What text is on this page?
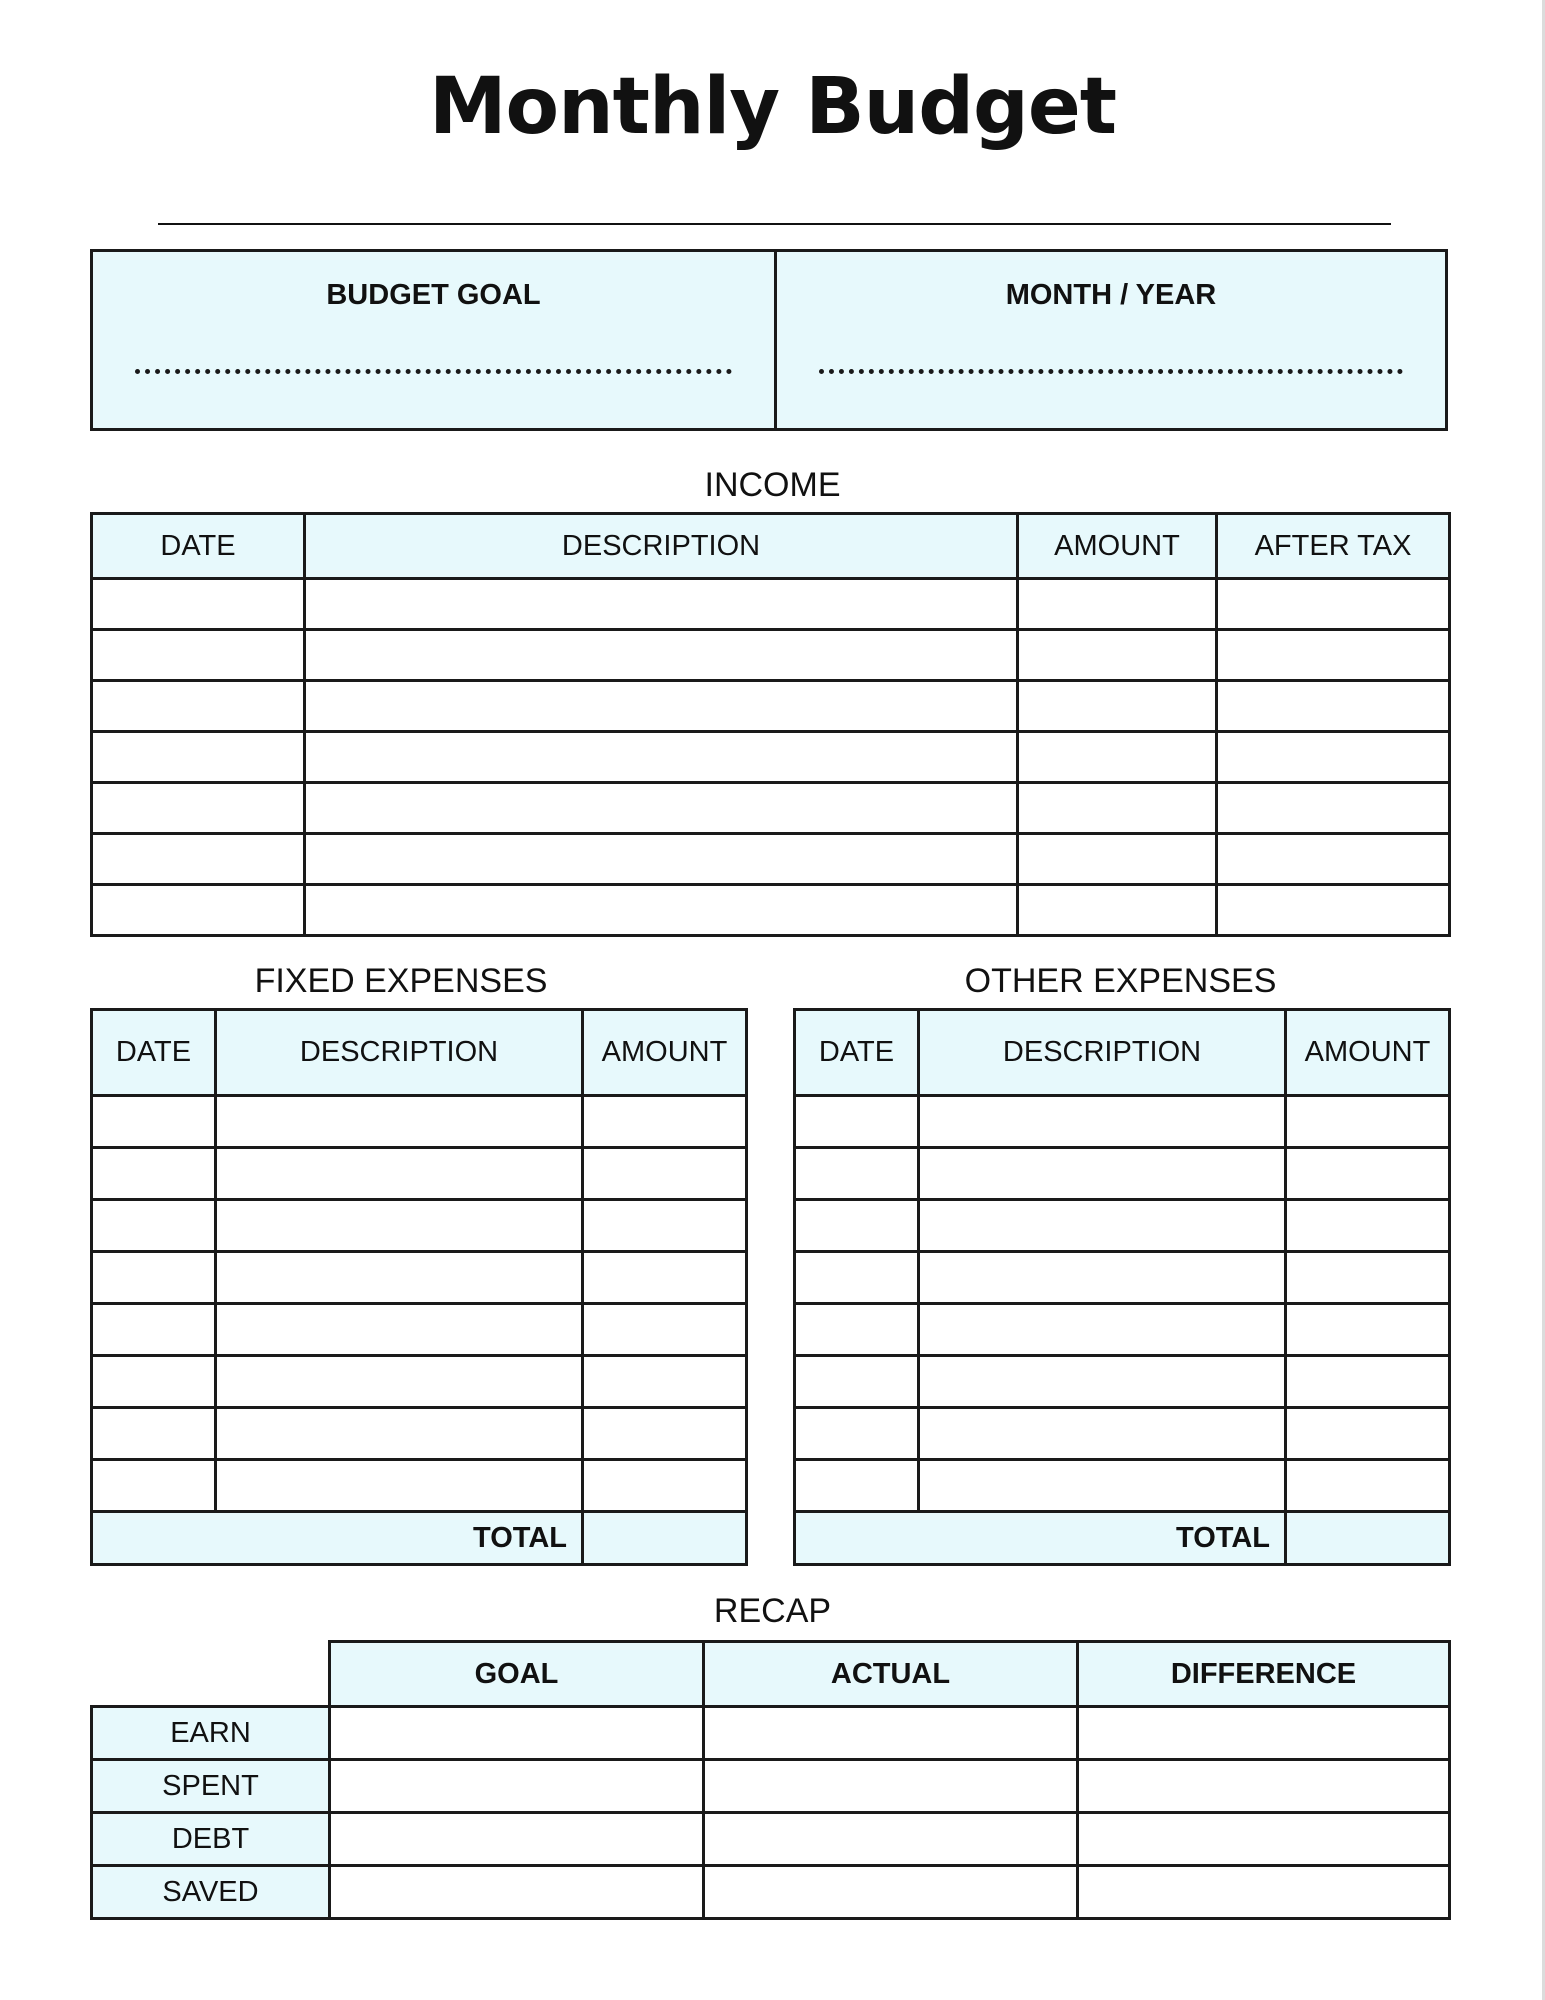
Monthly Budget
BUDGET GOAL	MONTH / YEAR
INCOME
DATE	DESCRIPTION	AMOUNT	AFTER TAX

FIXED EXPENSES
DATE	DESCRIPTION	AMOUNT

TOTAL		
OTHER EXPENSES
DATE	DESCRIPTION	AMOUNT

TOTAL		
RECAP
	GOAL	ACTUAL	DIFFERENCE
EARN			
SPENT			
DEBT			
SAVED			
